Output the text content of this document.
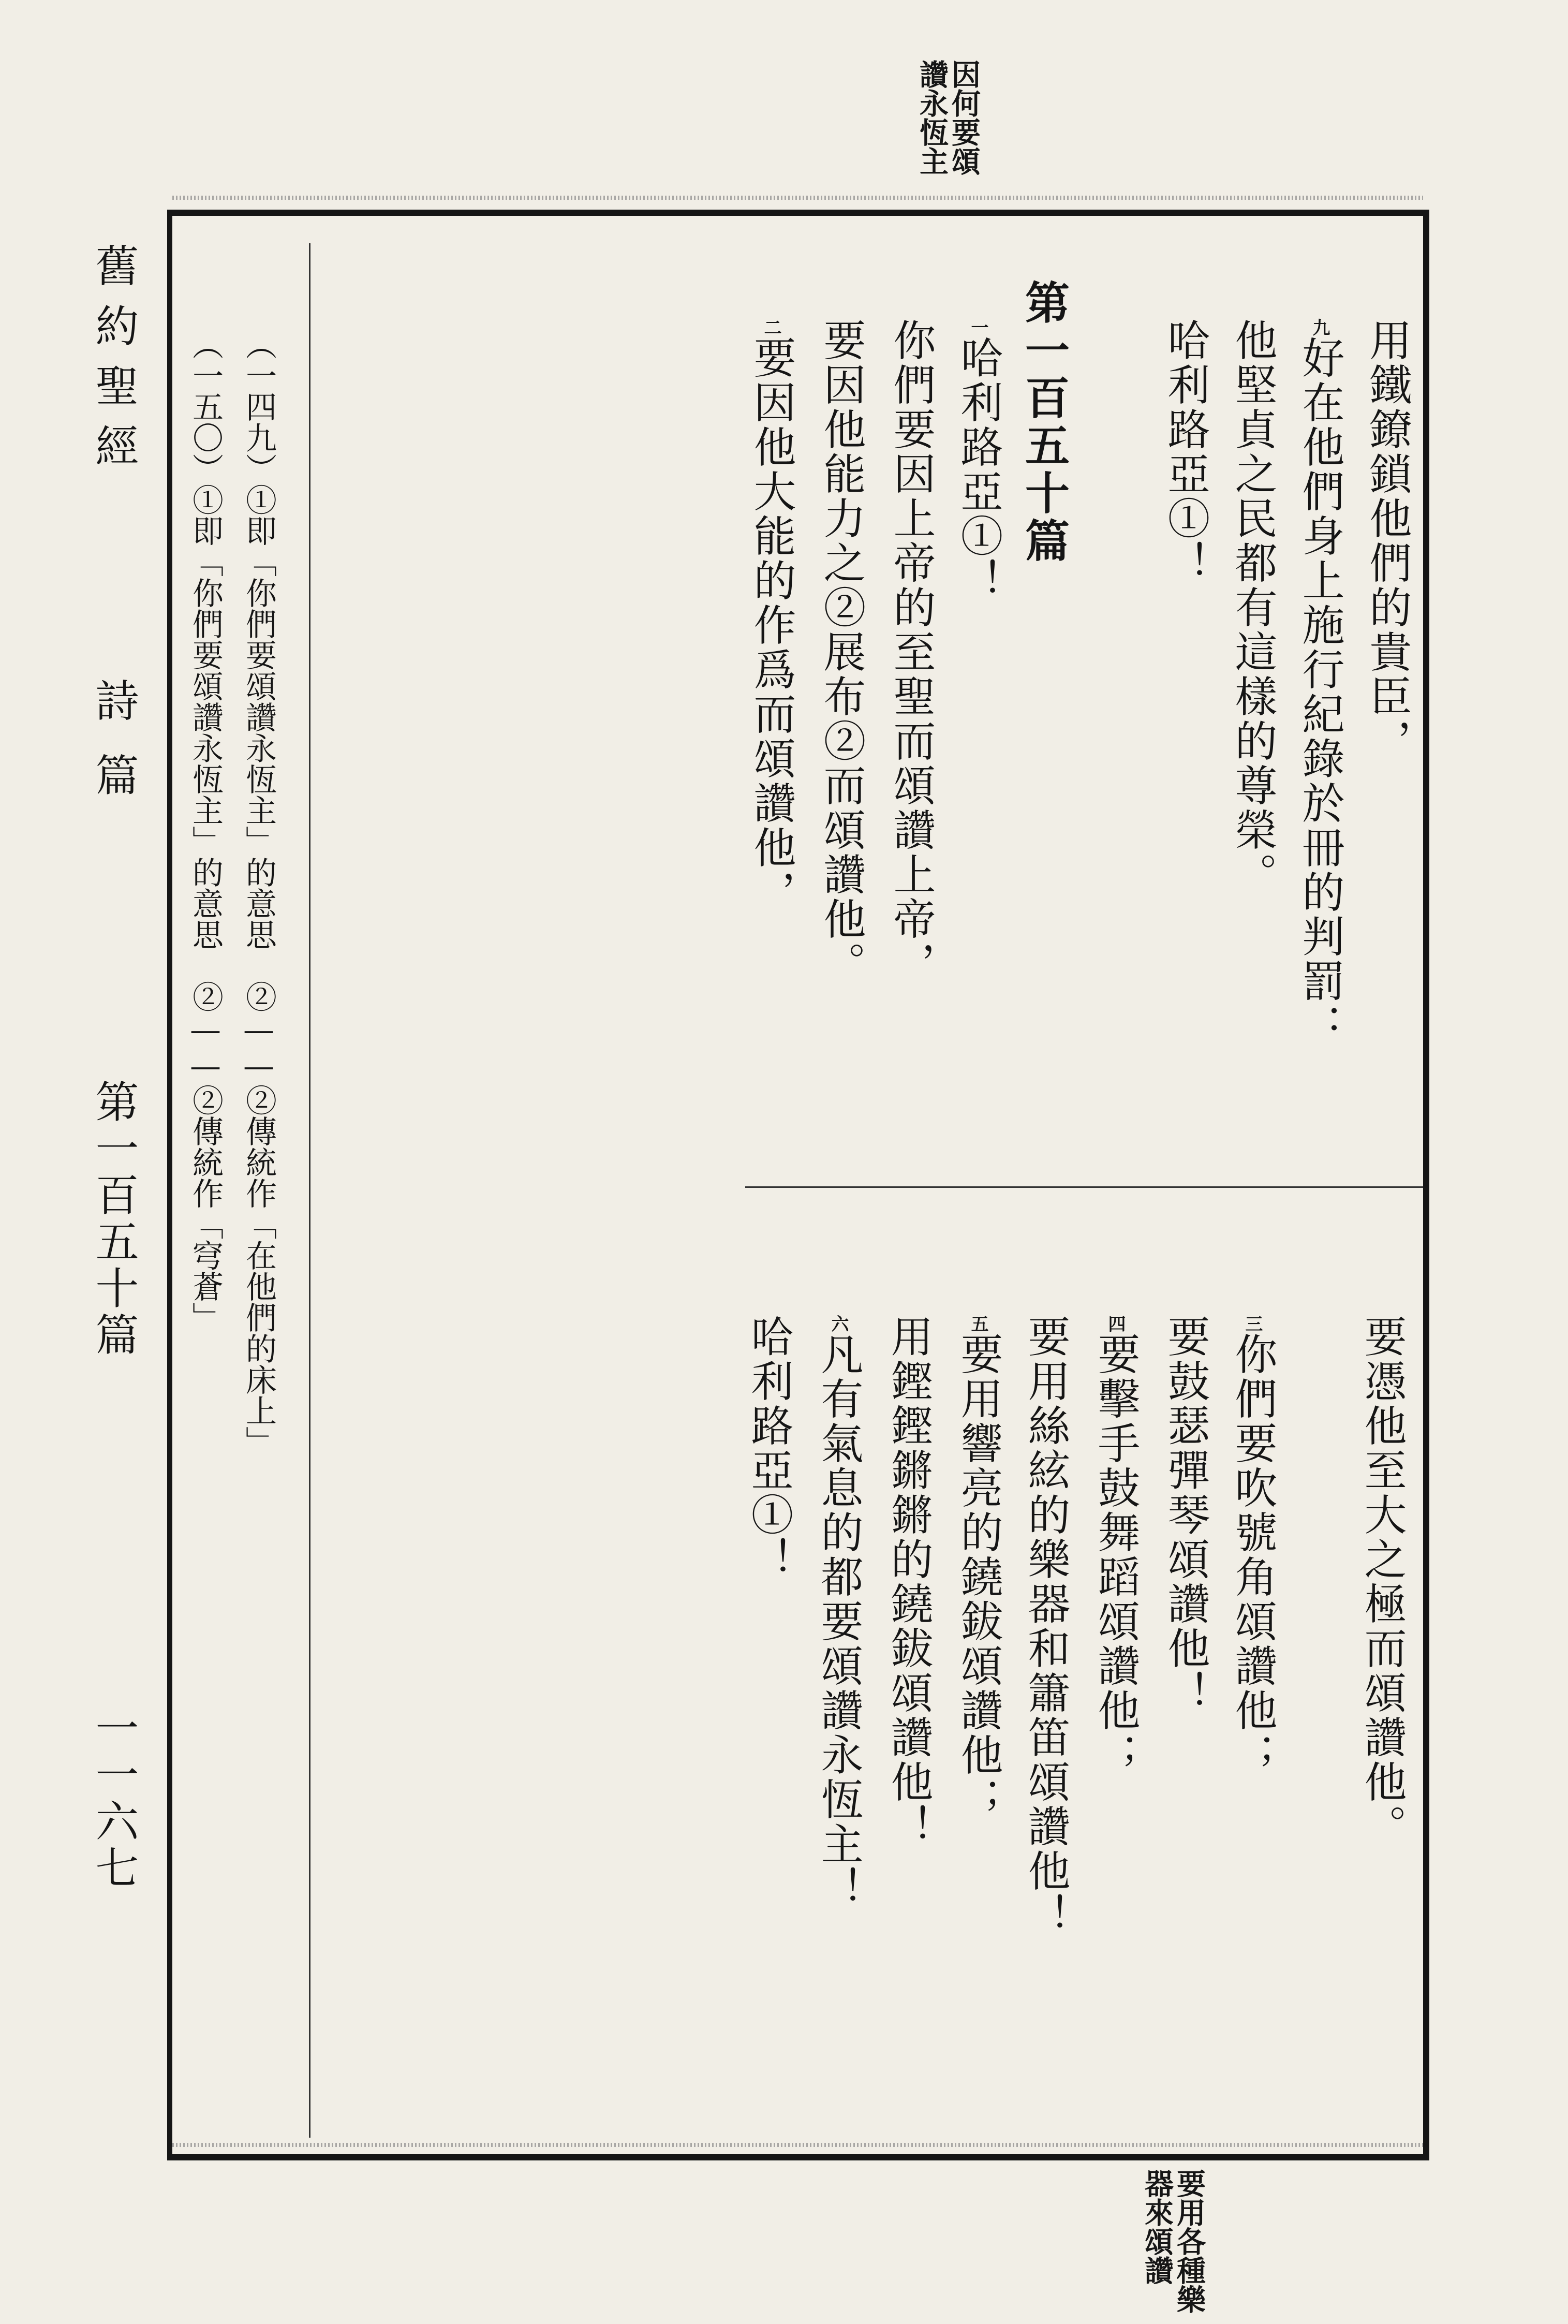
因何要頌讚永恆主
要用各種樂器來頌讚
舊約聖經
詩篇
第一百五十篇
一一六七
（一四九）①即「你們要頌讚永恆主」的意思　②——②傳統作「在他們的床上」
（一五〇）①即「你們要頌讚永恆主」的意思　②——②傳統作「穹蒼」	用鐵鐐鎖他們的貴臣，
九好在他們身上施行紀錄於冊的判罰：
他堅貞之民都有這樣的尊榮。
哈利路亞①！
第一百五十篇
一哈利路亞①！
你們要因上帝的至聖而頌讚上帝，
要因他能力之②展布②而頌讚他。
二要因他大能的作爲而頌讚他，
要憑他至大之極而頌讚他。
三你們要吹號角頌讚他；
要鼓瑟彈琴頌讚他！
四要擊手鼓舞蹈頌讚他；
要用絲絃的樂器和簫笛頌讚他！
五要用響亮的鐃鈸頌讚他；
用鏗鏗鏘鏘的鐃鈸頌讚他！
六凡有氣息的都要頌讚永恆主！
哈利路亞①！
